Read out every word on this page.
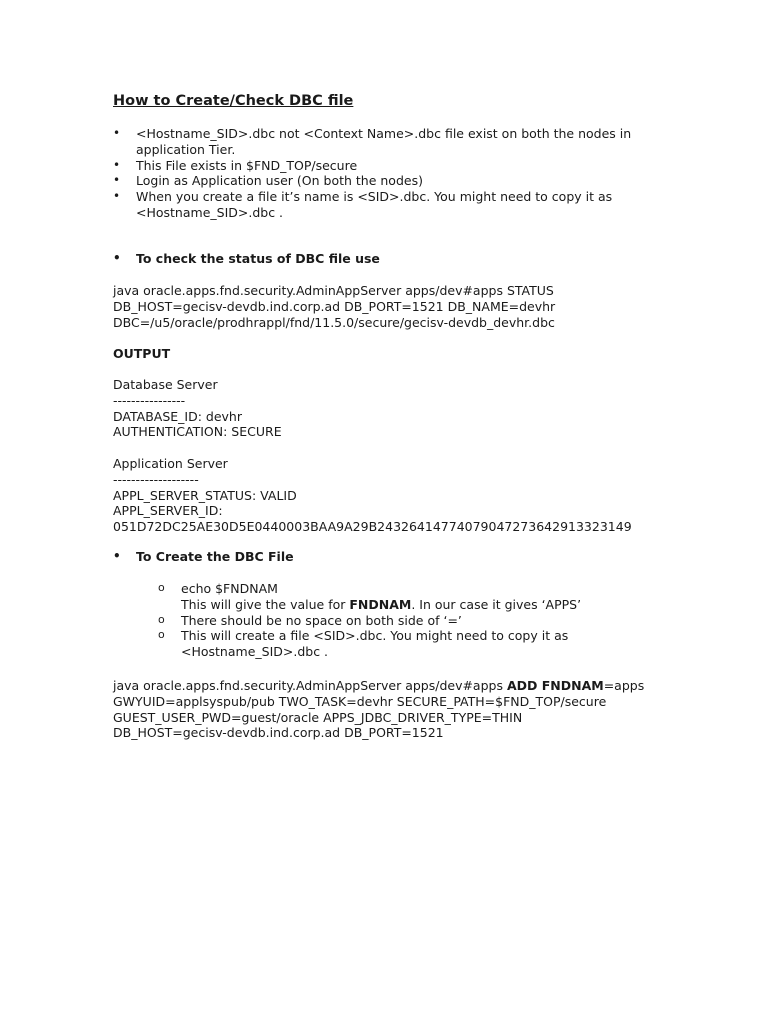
How to Create/Check DBC file
• <Hostname_SID>.dbc not <Context Name>.dbc file exist on both the nodes in application Tier.
• This File exists in $FND_TOP/secure
• Login as Application user (On both the nodes)
• When you create a file it’s name is <SID>.dbc. You might need to copy it as <Hostname_SID>.dbc .
• To check the status of DBC file use
java oracle.apps.fnd.security.AdminAppServer apps/dev#apps STATUS
DB_HOST=gecisv-devdb.ind.corp.ad DB_PORT=1521 DB_NAME=devhr
DBC=/u5/oracle/prodhrappl/fnd/11.5.0/secure/gecisv-devdb_devhr.dbc
OUTPUT
Database Server
----------------
DATABASE_ID: devhr
AUTHENTICATION: SECURE
Application Server
-------------------
APPL_SERVER_STATUS: VALID
APPL_SERVER_ID:
051D72DC25AE30D5E0440003BAA9A29B24326414774079047273642913323149
• To Create the DBC File
o echo $FNDNAM
This will give the value for FNDNAM. In our case it gives ‘APPS’
o There should be no space on both side of ‘=’
o This will create a file <SID>.dbc. You might need to copy it as
<Hostname_SID>.dbc .
java oracle.apps.fnd.security.AdminAppServer apps/dev#apps ADD FNDNAM=apps
GWYUID=applsyspub/pub TWO_TASK=devhr SECURE_PATH=$FND_TOP/secure
GUEST_USER_PWD=guest/oracle APPS_JDBC_DRIVER_TYPE=THIN
DB_HOST=gecisv-devdb.ind.corp.ad DB_PORT=1521
